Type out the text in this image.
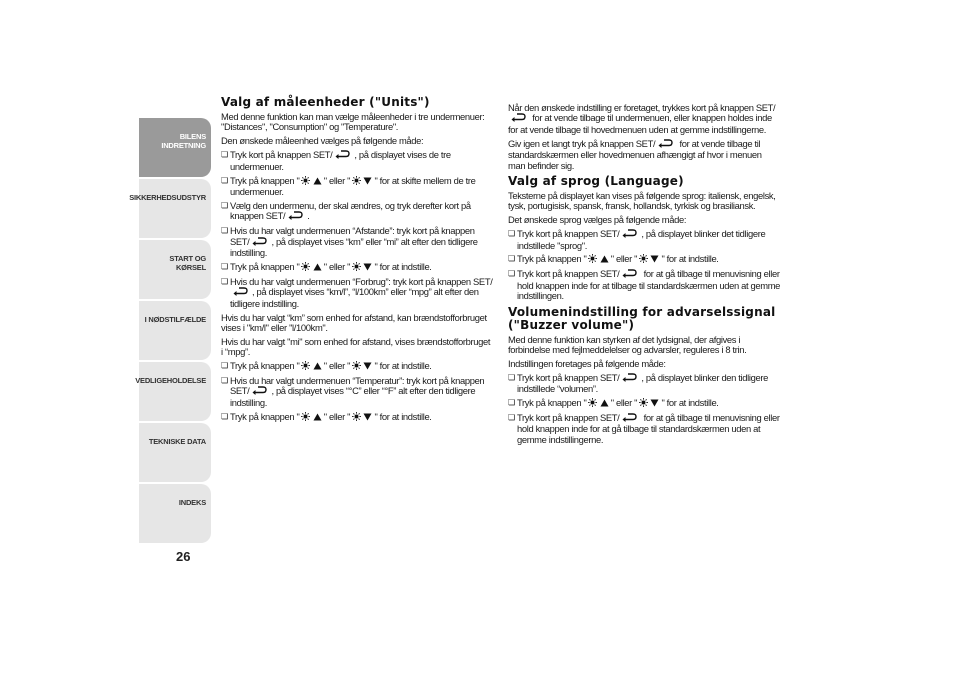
BILENS INDRETNING
SIKKERHEDSUDSTYR
START OG KØRSEL
I NØDSTILFÆLDE
VEDLIGEHOLDELSE
TEKNISKE DATA
INDEKS
26
Valg af måleenheder ("Units")

Med denne funktion kan man vælge måleenheder i tre undermenuer: "Distances", "Consumption" og "Temperature".

Den ønskede måleenhed vælges på følgende måde:

❏ Tryk kort på knappen SET/ , på displayet vises de tre undermenuer.
❏ Tryk på knappen "	" eller "	" for at skifte mellem de tre undermenuer.
❏ Vælg den undermenu, der skal ændres, og tryk derefter kort på knappen SET/ .
❏ Hvis du har valgt undermenuen “Afstande”: tryk kort på knappen SET/ , på displayet vises “km” eller “mi” alt efter den tidligere indstilling.
❏ Tryk på knappen "	" eller "	" for at indstille.
❏ Hvis du har valgt undermenuen “Forbrug”: tryk kort på knappen SET/, på displayet vises “km/l”, “l/100km” eller “mpg” alt efter den tidligere indstilling.

Hvis du har valgt “km” som enhed for afstand, kan brændstofforbruget vises i "km/l" eller "l/100km".

Hvis du har valgt "mi" som enhed for afstand, vises brændstofforbruget i “mpg”.

❏ Tryk på knappen "	" eller "	" for at indstille.
❏ Hvis du har valgt undermenuen “Temperatur”: tryk kort på knappen SET/ , på displayet vises “°C” eller “°F” alt efter den tidligere indstilling.
❏ Tryk på knappen "	" eller "	" for at indstille.

Når den ønskede indstilling er foretaget, trykkes kort på knappen SET/ for at vende tilbage til undermenuen, eller knappen holdes inde for at vende tilbage til hovedmenuen uden at gemme indstillingerne.

Giv igen et langt tryk på knappen SET/ for at vende tilbage til standardskærmen eller hovedmenuen afhængigt af hvor i menuen man befinder sig.

Valg af sprog (Language)

Teksterne på displayet kan vises på følgende sprog: italiensk, engelsk, tysk, portugisisk, spansk, fransk, hollandsk, tyrkisk og brasiliansk.

Det ønskede sprog vælges på følgende måde:

❏ Tryk kort på knappen SET/ , på displayet blinker det tidligere indstillede "sprog".
❏ Tryk på knappen "	" eller "	" for at indstille.
❏ Tryk kort på knappen SET/ for at gå tilbage til menuvisning eller hold knappen inde for at tilbage til standardskærmen uden at gemme indstillingen.
Volumenindstilling for advarselssignal ("Buzzer volume")

Med denne funktion kan styrken af det lydsignal, der afgives i forbindelse med fejlmeddelelser og advarsler, reguleres i 8 trin.

Indstillingen foretages på følgende måde:

❏ Tryk kort på knappen SET/ , på displayet blinker den tidligere indstillede “volumen”.
❏ Tryk på knappen "	" eller "	" for at indstille.
❏ Tryk kort på knappen SET/ for at gå tilbage til menuvisning eller hold knappen inde for at gå tilbage til standardskærmen uden at gemme indstillingerne.
